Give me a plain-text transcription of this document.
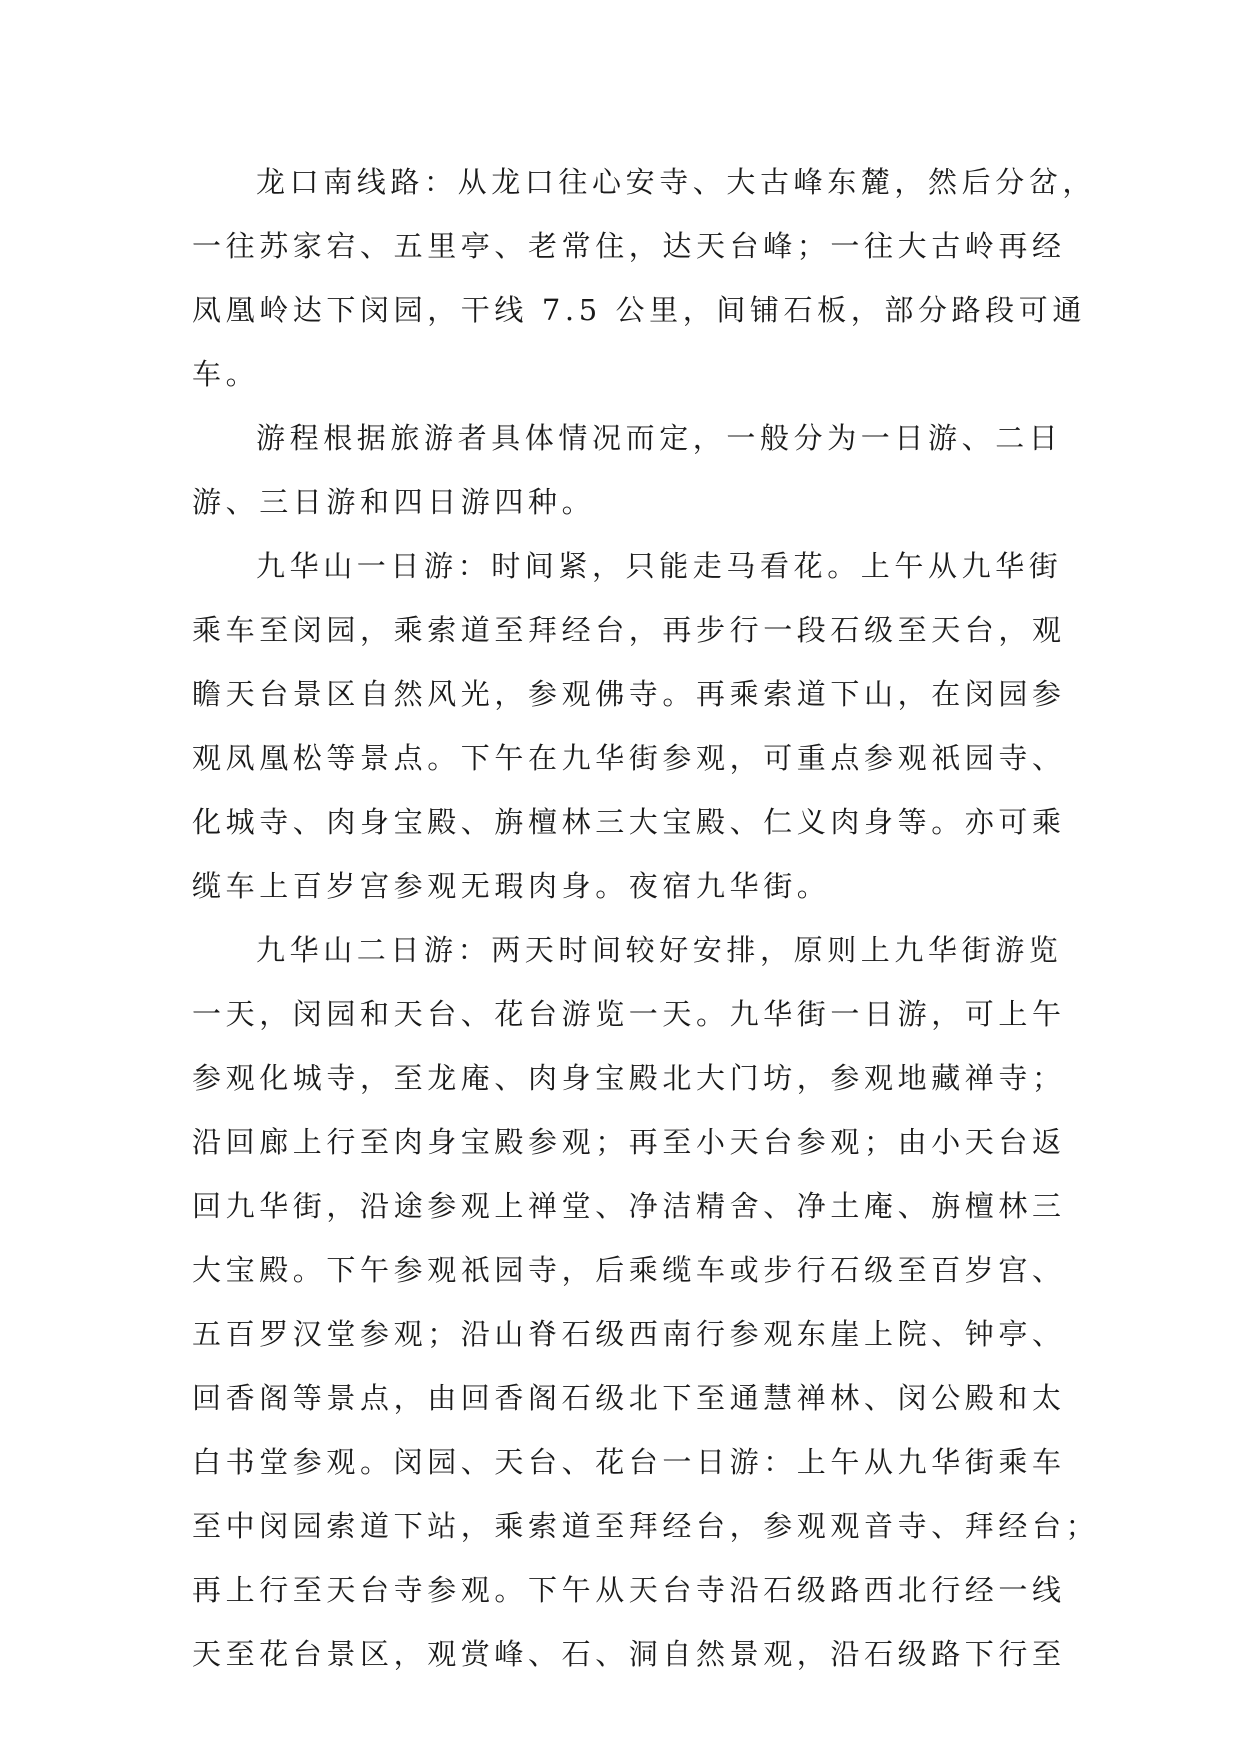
龙口南线路：从龙口往心安寺、大古峰东麓，然后分岔，
一往苏家宕、五里亭、老常住，达天台峰；一往大古岭再经
凤凰岭达下闵园，干线 7.5 公里，间铺石板，部分路段可通
车。
游程根据旅游者具体情况而定，一般分为一日游、二日
游、三日游和四日游四种。
九华山一日游：时间紧，只能走马看花。上午从九华街
乘车至闵园，乘索道至拜经台，再步行一段石级至天台，观
瞻天台景区自然风光，参观佛寺。再乘索道下山，在闵园参
观凤凰松等景点。下午在九华街参观，可重点参观祇园寺、
化城寺、肉身宝殿、旃檀林三大宝殿、仁义肉身等。亦可乘
缆车上百岁宫参观无瑕肉身。夜宿九华街。
九华山二日游：两天时间较好安排，原则上九华街游览
一天，闵园和天台、花台游览一天。九华街一日游，可上午
参观化城寺，至龙庵、肉身宝殿北大门坊，参观地藏禅寺；
沿回廊上行至肉身宝殿参观；再至小天台参观；由小天台返
回九华街，沿途参观上禅堂、净洁精舍、净土庵、旃檀林三
大宝殿。下午参观祇园寺，后乘缆车或步行石级至百岁宫、
五百罗汉堂参观；沿山脊石级西南行参观东崖上院、钟亭、
回香阁等景点，由回香阁石级北下至通慧禅林、闵公殿和太
白书堂参观。闵园、天台、花台一日游：上午从九华街乘车
至中闵园索道下站，乘索道至拜经台，参观观音寺、拜经台；
再上行至天台寺参观。下午从天台寺沿石级路西北行经一线
天至花台景区，观赏峰、石、洞自然景观，沿石级路下行至
